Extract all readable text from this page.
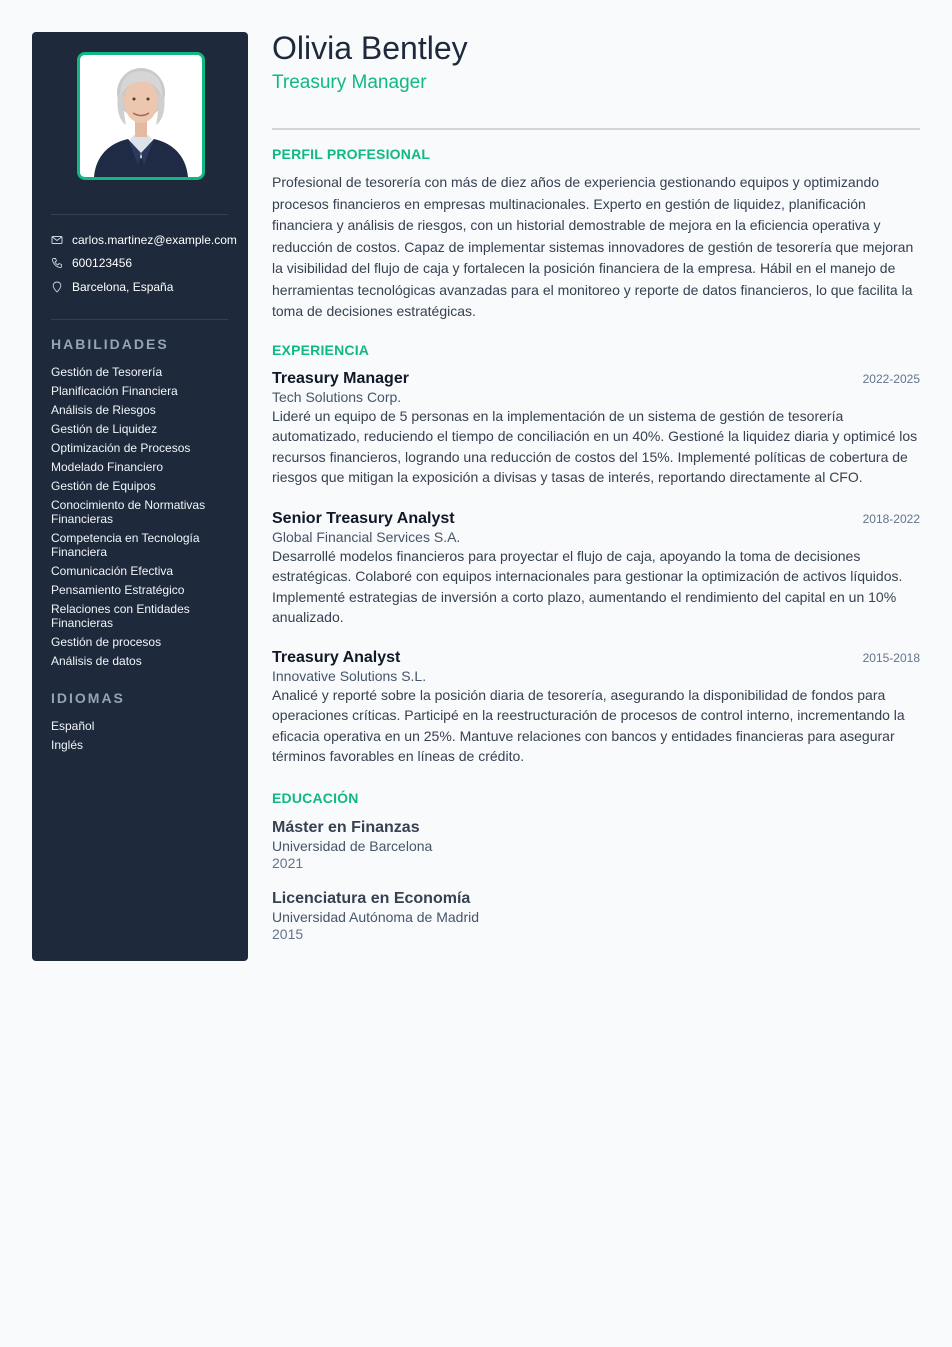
carlos.martinez@example.com
600123456
Barcelona, España
HABILIDADES
Gestión de Tesorería
Planificación Financiera
Análisis de Riesgos
Gestión de Liquidez
Optimización de Procesos
Modelado Financiero
Gestión de Equipos
Conocimiento de Normativas Financieras
Competencia en Tecnología Financiera
Comunicación Efectiva
Pensamiento Estratégico
Relaciones con Entidades Financieras
Gestión de procesos
Análisis de datos
IDIOMAS
Español
Inglés
Olivia Bentley
Treasury Manager
PERFIL PROFESIONAL

Profesional de tesorería con más de diez años de experiencia gestionando equipos y optimizando procesos financieros en empresas multinacionales. Experto en gestión de liquidez, planificación financiera y análisis de riesgos, con un historial demostrable de mejora en la eficiencia operativa y reducción de costos. Capaz de implementar sistemas innovadores de gestión de tesorería que mejoran la visibilidad del flujo de caja y fortalecen la posición financiera de la empresa. Hábil en el manejo de herramientas tecnológicas avanzadas para el monitoreo y reporte de datos financieros, lo que facilita la toma de decisiones estratégicas.

EXPERIENCIA
Treasury Manager	2022-2025
Tech Solutions Corp.

Lideré un equipo de 5 personas en la implementación de un sistema de gestión de tesorería automatizado, reduciendo el tiempo de conciliación en un 40%. Gestioné la liquidez diaria y optimicé los recursos financieros, logrando una reducción de costos del 15%. Implementé políticas de cobertura de riesgos que mitigan la exposición a divisas y tasas de interés, reportando directamente al CFO.

Senior Treasury Analyst	2018-2022
Global Financial Services S.A.

Desarrollé modelos financieros para proyectar el flujo de caja, apoyando la toma de decisiones estratégicas. Colaboré con equipos internacionales para gestionar la optimización de activos líquidos. Implementé estrategias de inversión a corto plazo, aumentando el rendimiento del capital en un 10% anualizado.

Treasury Analyst	2015-2018
Innovative Solutions S.L.

Analicé y reporté sobre la posición diaria de tesorería, asegurando la disponibilidad de fondos para operaciones críticas. Participé en la reestructuración de procesos de control interno, incrementando la eficacia operativa en un 25%. Mantuve relaciones con bancos y entidades financieras para asegurar términos favorables en líneas de crédito.

EDUCACIÓN
Máster en Finanzas
Universidad de Barcelona
2021
Licenciatura en Economía
Universidad Autónoma de Madrid
2015
